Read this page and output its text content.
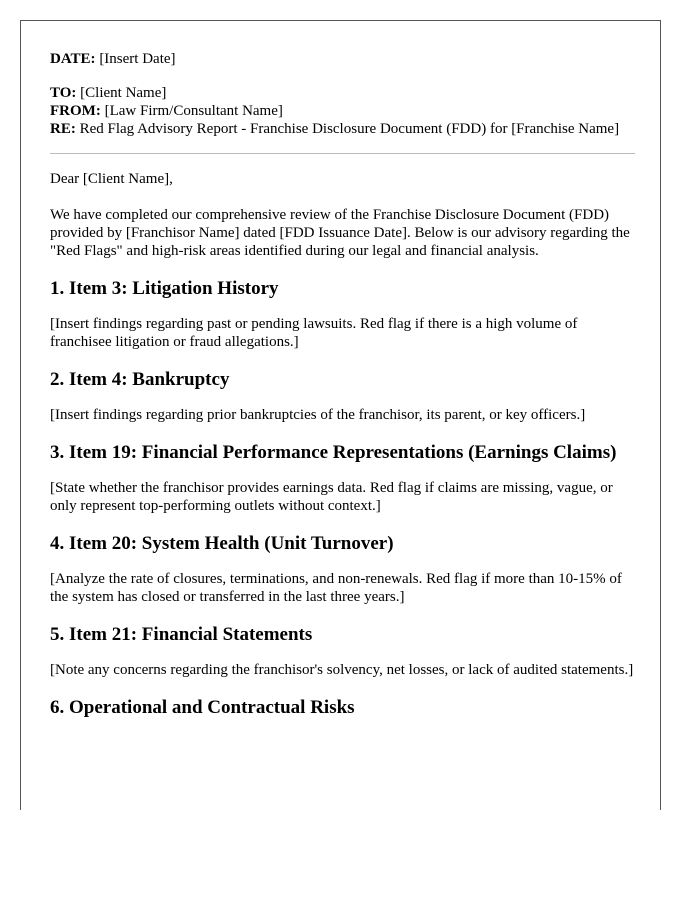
DATE: [Insert Date]
TO: [Client Name]
FROM: [Law Firm/Consultant Name]
RE: Red Flag Advisory Report - Franchise Disclosure Document (FDD) for [Franchise Name]

Dear [Client Name],

We have completed our comprehensive review of the Franchise Disclosure Document (FDD) provided by [Franchisor Name] dated [FDD Issuance Date]. Below is our advisory regarding the "Red Flags" and high-risk areas identified during our legal and financial analysis.

1. Item 3: Litigation History

[Insert findings regarding past or pending lawsuits. Red flag if there is a high volume of franchisee litigation or fraud allegations.]

2. Item 4: Bankruptcy

[Insert findings regarding prior bankruptcies of the franchisor, its parent, or key officers.]

3. Item 19: Financial Performance Representations (Earnings Claims)

[State whether the franchisor provides earnings data. Red flag if claims are missing, vague, or only represent top-performing outlets without context.]

4. Item 20: System Health (Unit Turnover)

[Analyze the rate of closures, terminations, and non-renewals. Red flag if more than 10-15% of the system has closed or transferred in the last three years.]

5. Item 21: Financial Statements

[Note any concerns regarding the franchisor's solvency, net losses, or lack of audited statements.]

6. Operational and Contractual Risks
